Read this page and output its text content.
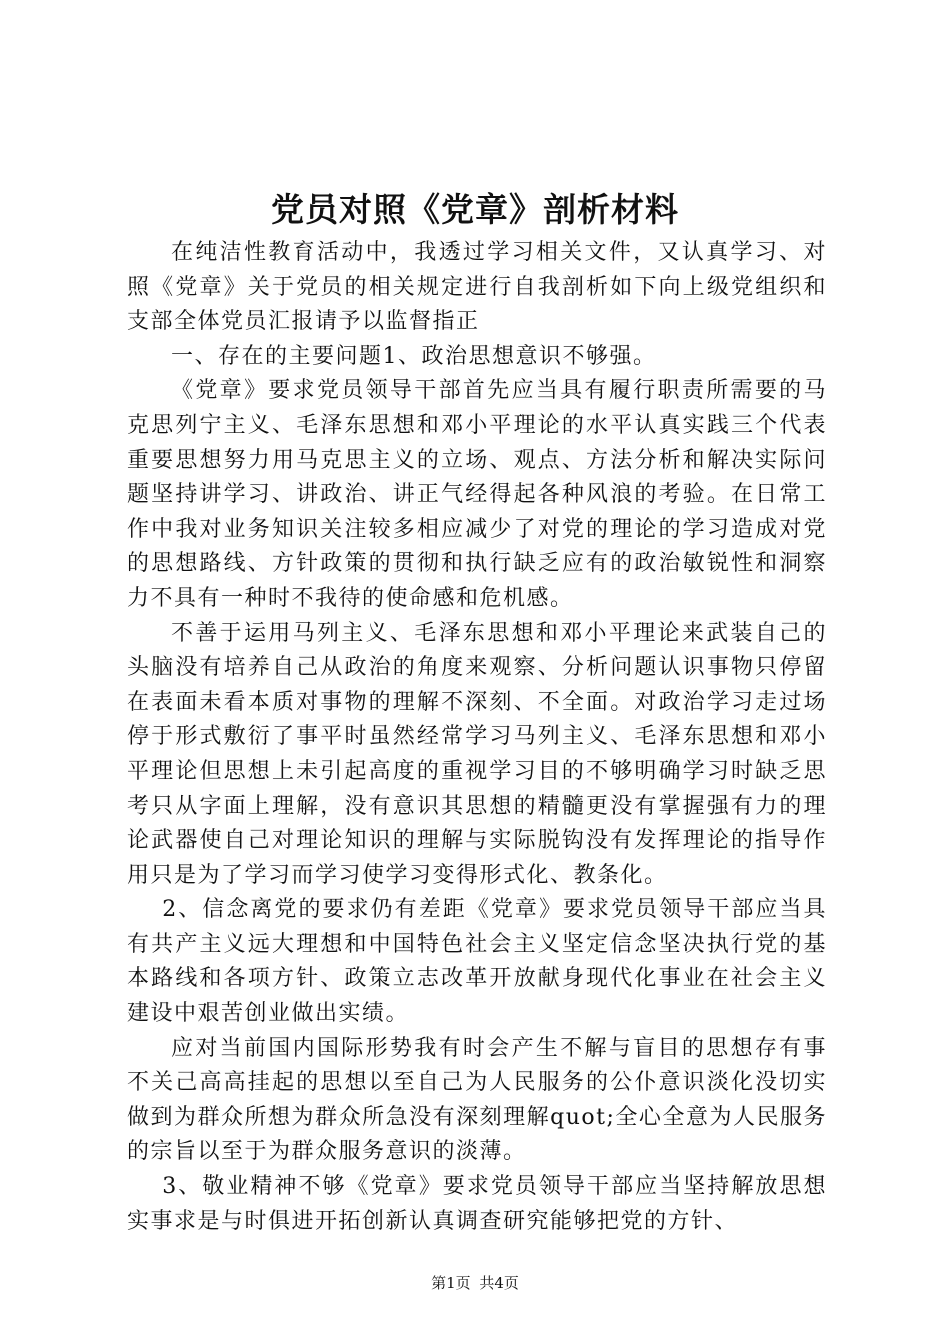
党员对照《党章》剖析材料

在纯洁性教育活动中，我透过学习相关文件，又认真学习、对照《党章》关于党员的相关规定进行自我剖析如下向上级党组织和支部全体党员汇报请予以监督指正

一、存在的主要问题1、政治思想意识不够强。

《党章》要求党员领导干部首先应当具有履行职责所需要的马克思列宁主义、毛泽东思想和邓小平理论的水平认真实践三个代表重要思想努力用马克思主义的立场、观点、方法分析和解决实际问题坚持讲学习、讲政治、讲正气经得起各种风浪的考验。在日常工作中我对业务知识关注较多相应减少了对党的理论的学习造成对党的思想路线、方针政策的贯彻和执行缺乏应有的政治敏锐性和洞察力不具有一种时不我待的使命感和危机感。

不善于运用马列主义、毛泽东思想和邓小平理论来武装自己的头脑没有培养自己从政治的角度来观察、分析问题认识事物只停留在表面未看本质对事物的理解不深刻、不全面。对政治学习走过场停于形式敷衍了事平时虽然经常学习马列主义、毛泽东思想和邓小平理论但思想上未引起高度的重视学习目的不够明确学习时缺乏思考只从字面上理解，没有意识其思想的精髓更没有掌握强有力的理论武器使自己对理论知识的理解与实际脱钩没有发挥理论的指导作用只是为了学习而学习使学习变得形式化、教条化。

2、信念离党的要求仍有差距《党章》要求党员领导干部应当具有共产主义远大理想和中国特色社会主义坚定信念坚决执行党的基本路线和各项方针、政策立志改革开放献身现代化事业在社会主义建设中艰苦创业做出实绩。

应对当前国内国际形势我有时会产生不解与盲目的思想存有事不关己高高挂起的思想以至自己为人民服务的公仆意识淡化没切实做到为群众所想为群众所急没有深刻理解quot;全心全意为人民服务的宗旨以至于为群众服务意识的淡薄。

3、敬业精神不够《党章》要求党员领导干部应当坚持解放思想实事求是与时俱进开拓创新认真调查研究能够把党的方针、

第1页 共4页
